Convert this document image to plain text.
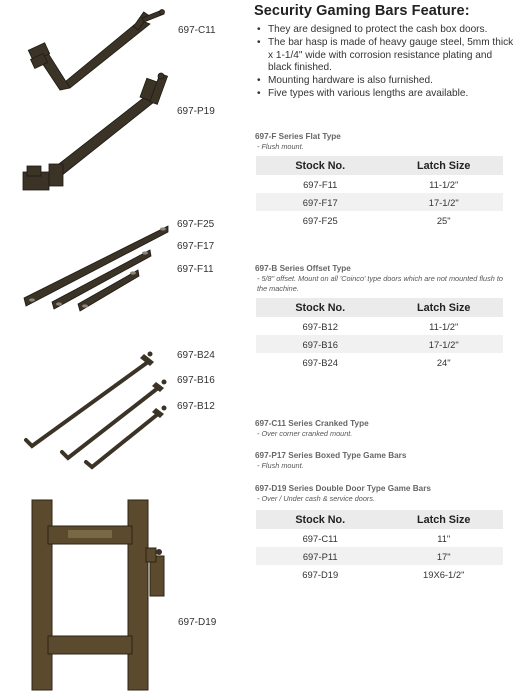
697-C11
697-P19
697-F25
697-F17
697-F11
697-B24
697-B16
697-B12
697-D19
Security Gaming Bars Feature:
• They are designed to protect the cash box doors.
• The bar hasp is made of heavy gauge steel, 5mm thick x 1-1/4" wide with corrosion resistance plating and black finished.
• Mounting hardware is also furnished.
• Five types with various lengths are available.
697-F Series Flat Type
- Flush mount.
Stock No.	Latch Size
697-F11	11-1/2"
697-F17	17-1/2"
697-F25	25"
697-B Series Offset Type
- 5/8" offset. Mount on all 'Coinco' type doors which are not mounted flush to the machine.
Stock No.	Latch Size
697-B12	11-1/2"
697-B16	17-1/2"
697-B24	24"
697-C11 Series Cranked Type
- Over corner cranked mount.
697-P17 Series Boxed Type Game Bars
- Flush mount.
697-D19 Series Double Door Type Game Bars
- Over / Under cash & service doors.
Stock No.	Latch Size
697-C11	11"
697-P11	17"
697-D19	19X6-1/2"
